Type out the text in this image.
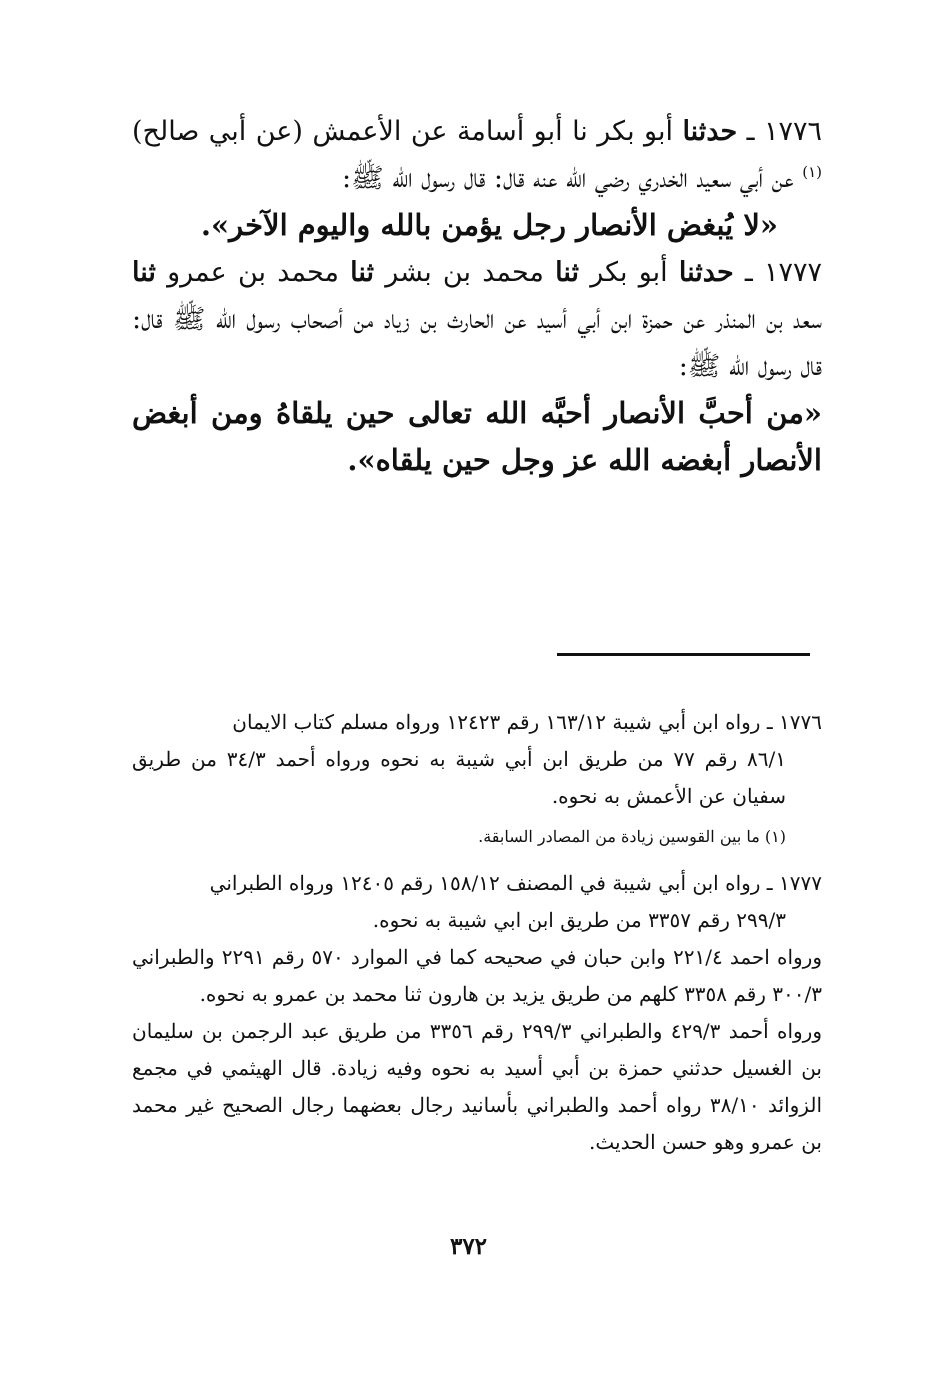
١٧٧٦ ـ حدثنا أبو بكر نا أبو أسامة عن الأعمش (عن أبي صالح)$^{(١)}$ عن أبي سعيد الخدري رضي الله عنه قال: قال رسول الله ﷺ:

«لا يُبغض الأنصار رجل يؤمن بالله واليوم الآخر».

١٧٧٧ ـ حدثنا أبو بكر ثنا محمد بن بشر ثنا محمد بن عمرو ثنا سعد بن المنذر عن حمزة ابن أبي أسيد عن الحارث بن زياد من أصحاب رسول الله ﷺ قال: قال رسول الله ﷺ:

«من أحبَّ الأنصار أحبَّه الله تعالى حين يلقاهُ ومن أبغض الأنصار أبغضه الله عز وجل حين يلقاه».

١٧٧٦ ـ رواه ابن أبي شيبة ١٦٣/١٢ رقم ١٢٤٢٣ ورواه مسلم كتاب الايمان

٨٦/١ رقم ٧٧ من طريق ابن أبي شيبة به نحوه ورواه أحمد ٣٤/٣ من طريق سفيان عن الأعمش به نحوه.

(١) ما بين القوسين زيادة من المصادر السابقة.

١٧٧٧ ـ رواه ابن أبي شيبة في المصنف ١٥٨/١٢ رقم ١٢٤٠٥ ورواه الطبراني

٢٩٩/٣ رقم ٣٣٥٧ من طريق ابن ابي شيبة به نحوه.

ورواه احمد ٢٢١/٤ وابن حبان في صحيحه كما في الموارد ٥٧٠ رقم ٢٢٩١ والطبراني ٣٠٠/٣ رقم ٣٣٥٨ كلهم من طريق يزيد بن هارون ثنا محمد بن عمرو به نحوه.

ورواه أحمد ٤٢٩/٣ والطبراني ٢٩٩/٣ رقم ٣٣٥٦ من طريق عبد الرجمن بن سليمان بن الغسيل حدثني حمزة بن أبي أسيد به نحوه وفيه زيادة. قال الهيثمي في مجمع الزوائد ٣٨/١٠ رواه أحمد والطبراني بأسانيد رجال بعضهما رجال الصحيح غير محمد بن عمرو وهو حسن الحديث.

٣٧٢
